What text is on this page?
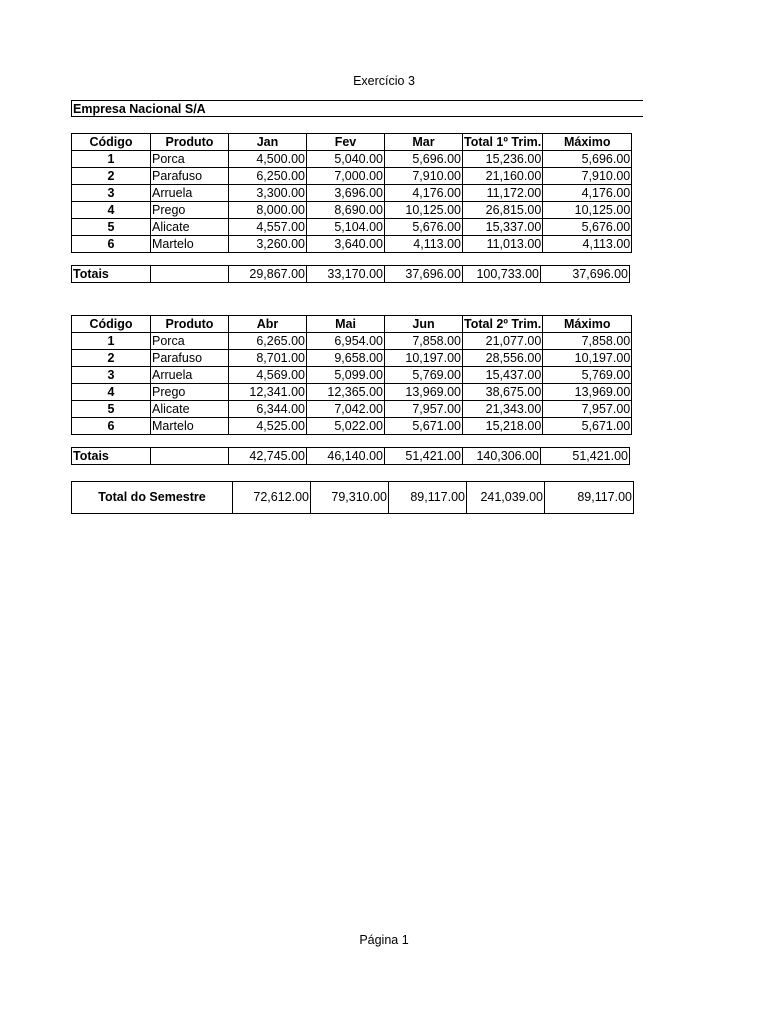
Exercício 3
Empresa Nacional S/A
Código	Produto	Jan	Fev	Mar	Total 1º Trim.	Máximo
1	Porca	4,500.00	5,040.00	5,696.00	15,236.00	5,696.00
2	Parafuso	6,250.00	7,000.00	7,910.00	21,160.00	7,910.00
3	Arruela	3,300.00	3,696.00	4,176.00	11,172.00	4,176.00
4	Prego	8,000.00	8,690.00	10,125.00	26,815.00	10,125.00
5	Alicate	4,557.00	5,104.00	5,676.00	15,337.00	5,676.00
6	Martelo	3,260.00	3,640.00	4,113.00	11,013.00	4,113.00
Totais		29,867.00	33,170.00	37,696.00	100,733.00	37,696.00
Código	Produto	Abr	Mai	Jun	Total 2º Trim.	Máximo
1	Porca	6,265.00	6,954.00	7,858.00	21,077.00	7,858.00
2	Parafuso	8,701.00	9,658.00	10,197.00	28,556.00	10,197.00
3	Arruela	4,569.00	5,099.00	5,769.00	15,437.00	5,769.00
4	Prego	12,341.00	12,365.00	13,969.00	38,675.00	13,969.00
5	Alicate	6,344.00	7,042.00	7,957.00	21,343.00	7,957.00
6	Martelo	4,525.00	5,022.00	5,671.00	15,218.00	5,671.00
Totais		42,745.00	46,140.00	51,421.00	140,306.00	51,421.00
Total do Semestre	72,612.00	79,310.00	89,117.00	241,039.00	89,117.00
Página 1
